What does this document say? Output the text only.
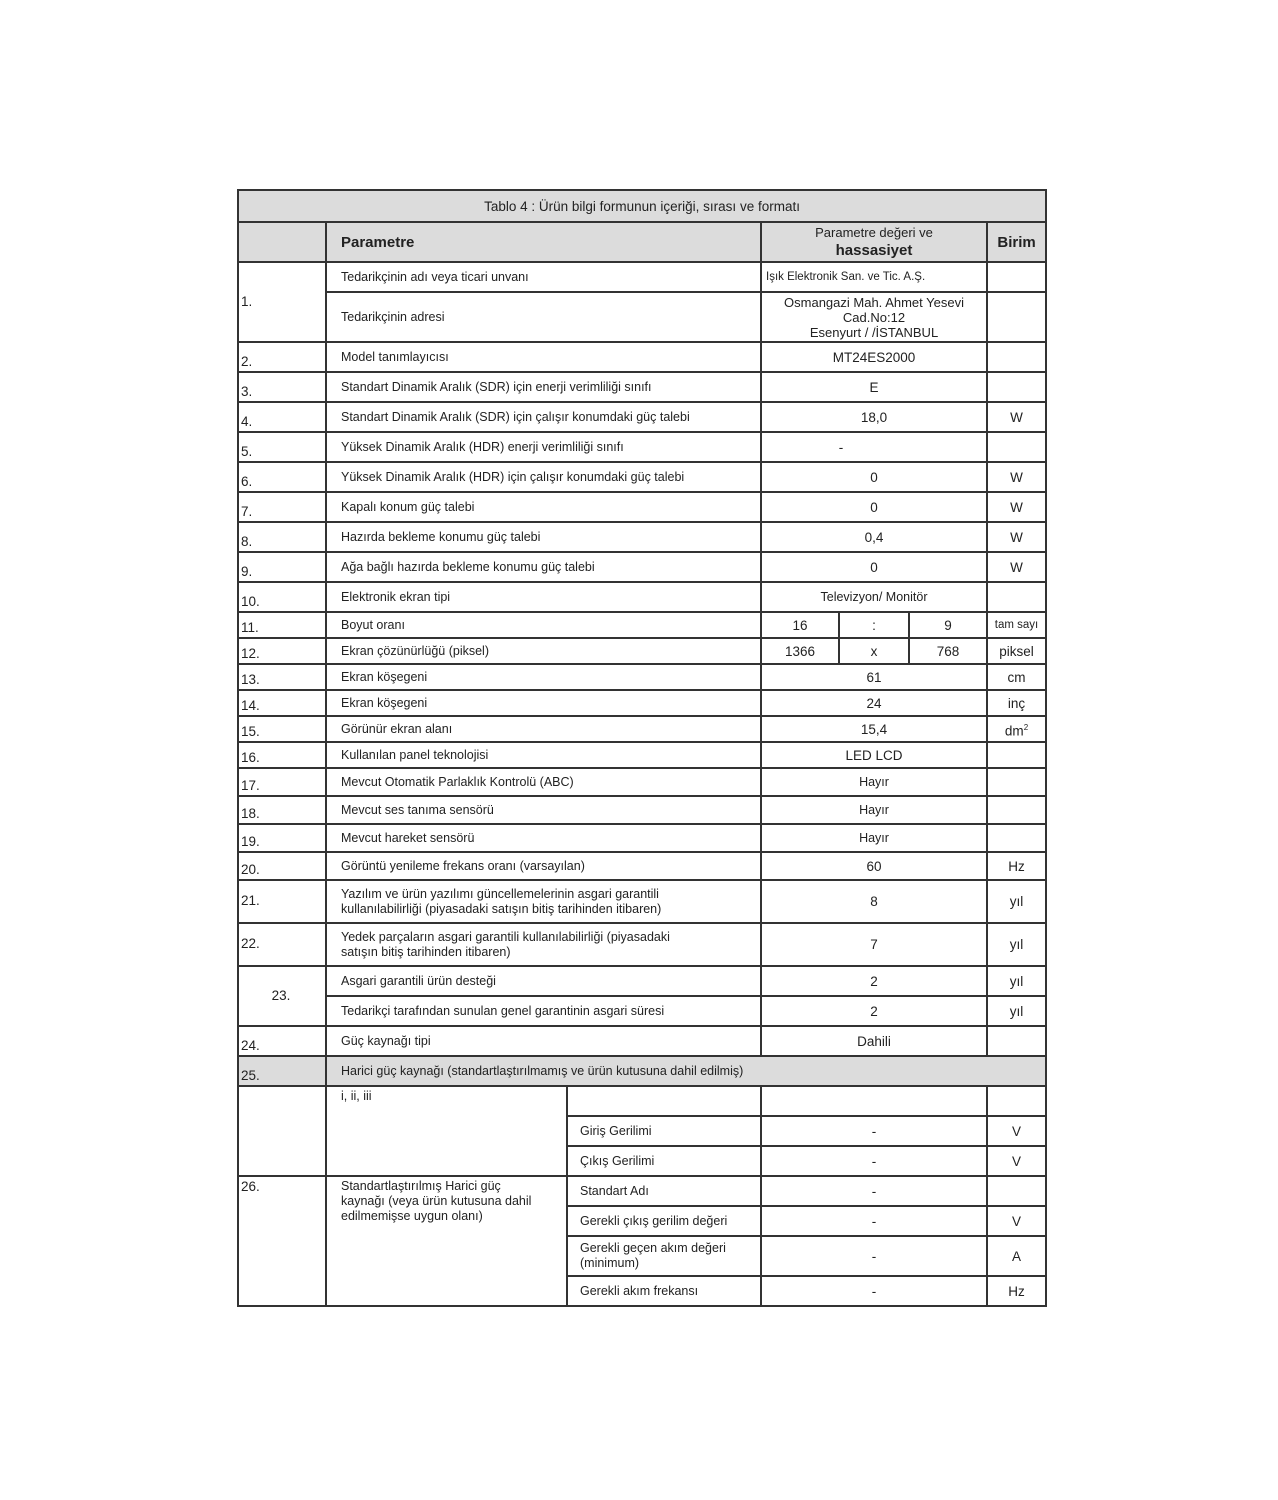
Tablo 4 : Ürün bilgi formunun içeriği, sırası ve formatı						
	Parametre		Parametre değeri ve
hassasiyet			Birim
1.	Tedarikçinin adı veya ticari unvanı		Işık Elektronik San. ve Tic. A.Ş.			
	Tedarikçinin adresi		Osmangazi Mah. Ahmet Yesevi
Cad.No:12
Esenyurt / /İSTANBUL			
2.	Model tanımlayıcısı		MT24ES2000			
3.	Standart Dinamik Aralık (SDR) için enerji verimliliği sınıfı		E			
4.	Standart Dinamik Aralık (SDR) için çalışır konumdaki güç talebi		18,0			W
5.	Yüksek Dinamik Aralık (HDR) enerji verimliliği sınıfı		-			
6.	Yüksek Dinamik Aralık (HDR) için çalışır konumdaki güç talebi		0			W
7.	Kapalı konum güç talebi		0			W
8.	Hazırda bekleme konumu güç talebi		0,4			W
9.	Ağa bağlı hazırda bekleme konumu güç talebi		0			W
10.	Elektronik ekran tipi		Televizyon/ Monitör			
11.	Boyut oranı		16	:	9	tam sayı
12.	Ekran çözünürlüğü (piksel)		1366	x	768	piksel
13.	Ekran köşegeni		61			cm
14.	Ekran köşegeni		24			inç
15.	Görünür ekran alanı		15,4			$dm^2$
16.	Kullanılan panel teknolojisi		LED LCD			
17.	Mevcut Otomatik Parlaklık Kontrolü (ABC)		Hayır			
18.	Mevcut ses tanıma sensörü		Hayır			
19.	Mevcut hareket sensörü		Hayır			
20.	Görüntü yenileme frekans oranı (varsayılan)		60			Hz
21.	Yazılım ve ürün yazılımı güncellemelerinin asgari garantili
kullanılabilirliği (piyasadaki satışın bitiş tarihinden itibaren)		8			yıl
22.	Yedek parçaların asgari garantili kullanılabilirliği (piyasadaki
satışın bitiş tarihinden itibaren)		7			yıl
23.	Asgari garantili ürün desteği		2			yıl
	Tedarikçi tarafından sunulan genel garantinin asgari süresi		2			yıl
24.	Güç kaynağı tipi		Dahili			
25.	Harici güç kaynağı (standartlaştırılmamış ve ürün kutusuna dahil edilmiş)					
	i, ii, iii					
		Giriş Gerilimi	-			V
		Çıkış Gerilimi	-			V
26.	Standartlaştırılmış Harici güç
kaynağı (veya ürün kutusuna dahil
edilmemişse uygun olanı)	Standart Adı	-			
		Gerekli çıkış gerilim değeri	-			V
		Gerekli geçen akım değeri
(minimum)	-			A
		Gerekli akım frekansı	-			Hz
